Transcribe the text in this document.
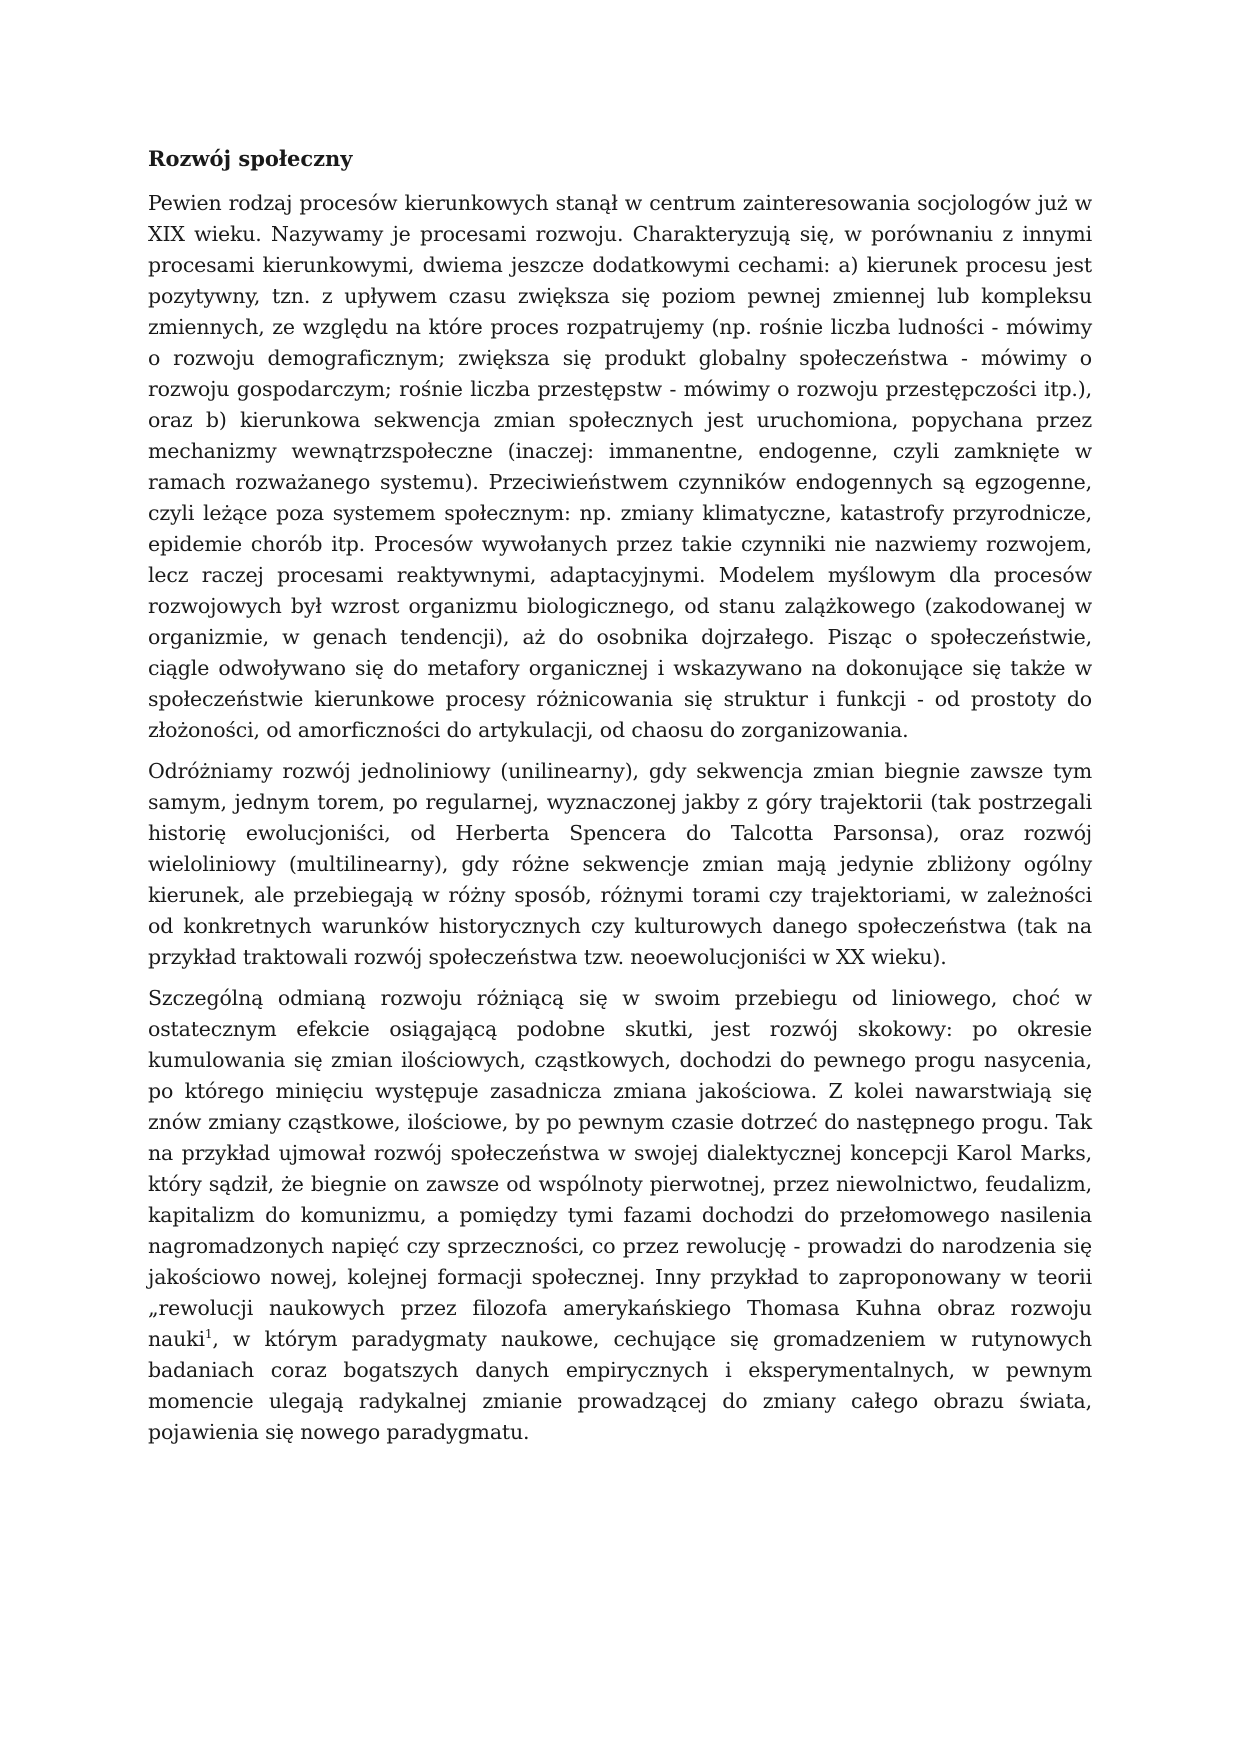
Rozwój społeczny

Pewien rodzaj procesów kierunkowych stanął w centrum zainteresowania socjologów już w XIX wieku. Nazywamy je procesami rozwoju. Charakteryzują się, w porównaniu z innymi procesami kierunkowymi, dwiema jeszcze dodatkowymi cechami: a) kierunek procesu jest pozytywny, tzn. z upływem czasu zwiększa się poziom pewnej zmiennej lub kompleksu zmiennych, ze względu na które proces rozpatrujemy (np. rośnie liczba ludności - mówimy o rozwoju demograficznym; zwiększa się produkt globalny społeczeństwa - mówimy o rozwoju gospodarczym; rośnie liczba przestępstw - mówimy o rozwoju przestępczości itp.), oraz b) kierunkowa sekwencja zmian społecznych jest uruchomiona, popychana przez mechanizmy wewnątrzspołeczne (inaczej: immanentne, endogenne, czyli zamknięte w ramach rozważanego systemu). Przeciwieństwem czynników endogennych są egzogenne, czyli leżące poza systemem społecznym: np. zmiany klimatyczne, katastrofy przyrodnicze, epidemie chorób itp. Procesów wywołanych przez takie czynniki nie nazwiemy rozwojem, lecz raczej procesami reaktywnymi, adaptacyjnymi. Modelem myślowym dla procesów rozwojowych był wzrost organizmu biologicznego, od stanu zalążkowego (zakodowanej w organizmie, w genach tendencji), aż do osobnika dojrzałego. Pisząc o społeczeństwie, ciągle odwoływano się do metafory organicznej i wskazywano na dokonujące się także w społeczeństwie kierunkowe procesy różnicowania się struktur i funkcji - od prostoty do złożoności, od amorficzności do artykulacji, od chaosu do zorganizowania.

Odróżniamy rozwój jednoliniowy (unilinearny), gdy sekwencja zmian biegnie zawsze tym samym, jednym torem, po regularnej, wyznaczonej jakby z góry trajektorii (tak postrzegali historię ewolucjoniści, od Herberta Spencera do Talcotta Parsonsa), oraz rozwój wieloliniowy (multilinearny), gdy różne sekwencje zmian mają jedynie zbliżony ogólny kierunek, ale przebiegają w różny sposób, różnymi torami czy trajektoriami, w zależności od konkretnych warunków historycznych czy kulturowych danego społeczeństwa (tak na przykład traktowali rozwój społeczeństwa tzw. neoewolucjoniści w XX wieku).

Szczególną odmianą rozwoju różniącą się w swoim przebiegu od liniowego, choć w ostatecznym efekcie osiągającą podobne skutki, jest rozwój skokowy: po okresie kumulowania się zmian ilościowych, cząstkowych, dochodzi do pewnego progu nasycenia, po którego minięciu występuje zasadnicza zmiana jakościowa. Z kolei nawarstwiają się znów zmiany cząstkowe, ilościowe, by po pewnym czasie dotrzeć do następnego progu. Tak na przykład ujmował rozwój społeczeństwa w swojej dialektycznej koncepcji Karol Marks, który sądził, że biegnie on zawsze od wspólnoty pierwotnej, przez niewolnictwo, feudalizm, kapitalizm do komunizmu, a pomiędzy tymi fazami dochodzi do przełomowego nasilenia nagromadzonych napięć czy sprzeczności, co przez rewolucję - prowadzi do narodzenia się jakościowo nowej, kolejnej formacji społecznej. Inny przykład to zaproponowany w teorii „rewolucji naukowych przez filozofa amerykańskiego Thomasa Kuhna obraz rozwoju nauki$^1$, w którym paradygmaty naukowe, cechujące się gromadzeniem w rutynowych badaniach coraz bogatszych danych empirycznych i eksperymentalnych, w pewnym momencie ulegają radykalnej zmianie prowadzącej do zmiany całego obrazu świata, pojawienia się nowego paradygmatu.
